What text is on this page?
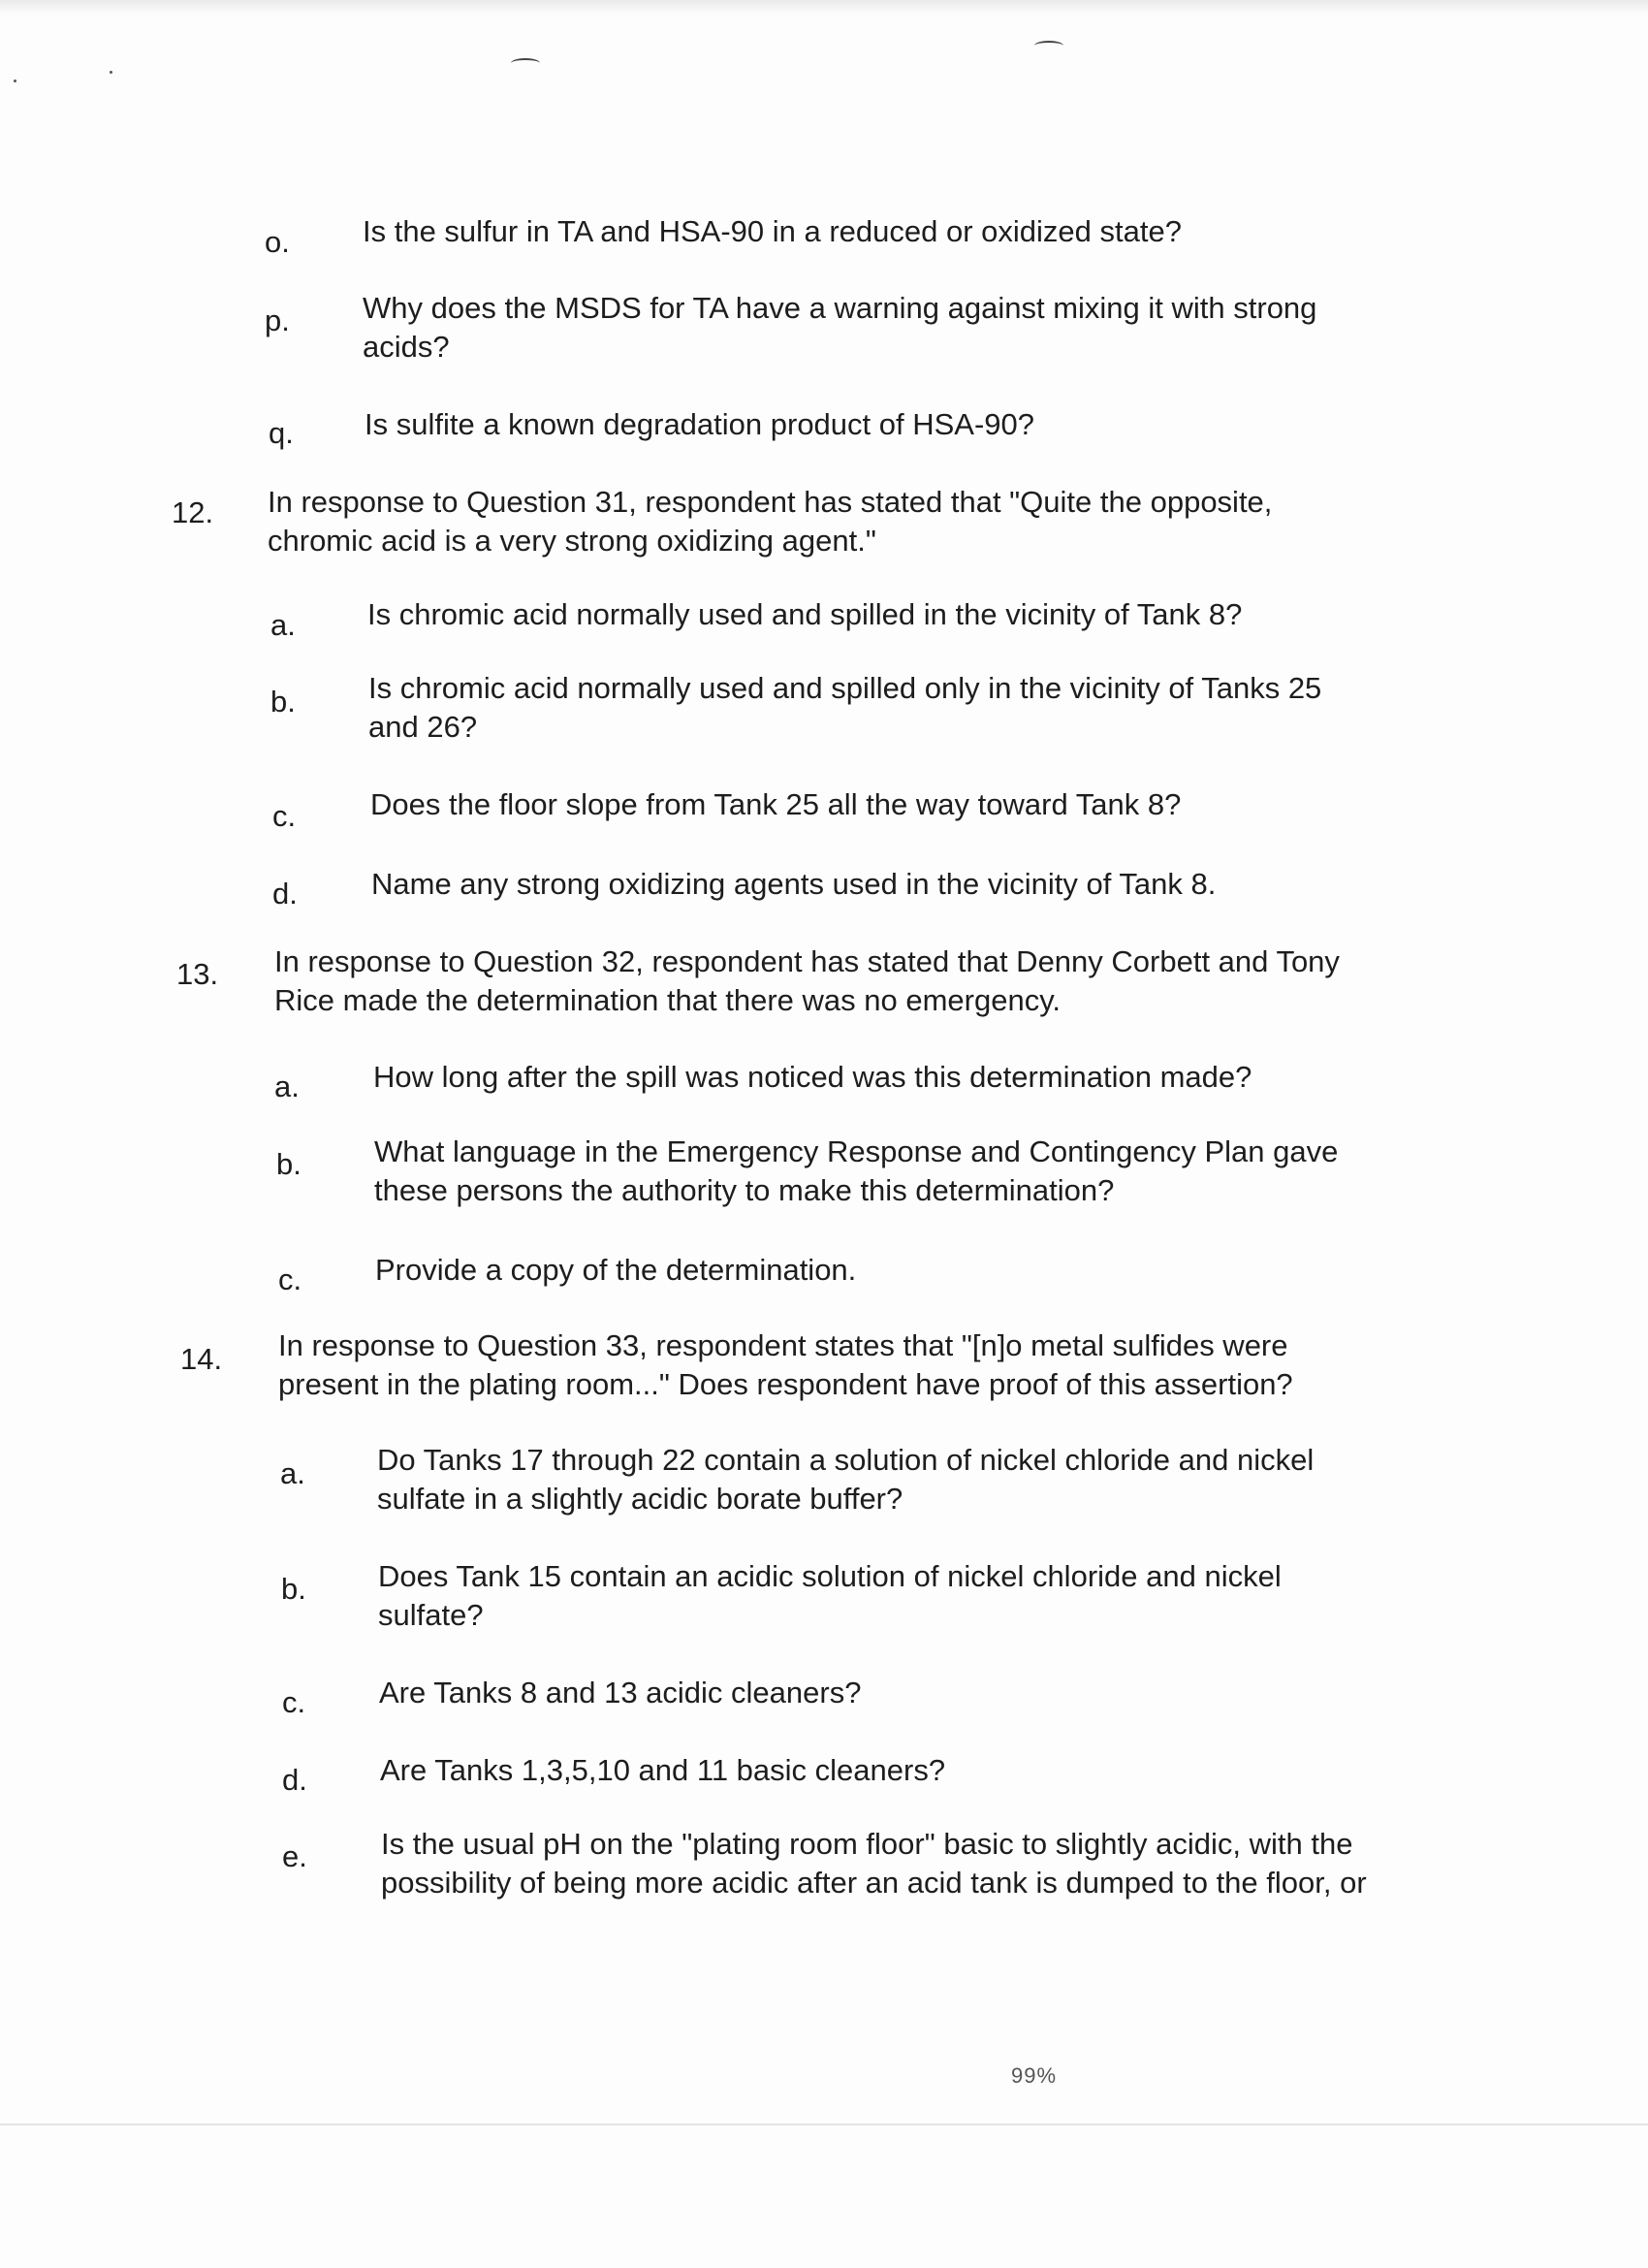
o. Is the sulfur in TA and HSA-90 in a reduced or oxidized state?
p. Why does the MSDS for TA have a warning against mixing it with strong
acids?
q. Is sulfite a known degradation product of HSA-90?
12. In response to Question 31, respondent has stated that "Quite the opposite,
chromic acid is a very strong oxidizing agent."
a. Is chromic acid normally used and spilled in the vicinity of Tank 8?
b. Is chromic acid normally used and spilled only in the vicinity of Tanks 25
and 26?
c. Does the floor slope from Tank 25 all the way toward Tank 8?
d. Name any strong oxidizing agents used in the vicinity of Tank 8.
13. In response to Question 32, respondent has stated that Denny Corbett and Tony
Rice made the determination that there was no emergency.
a. How long after the spill was noticed was this determination made?
b. What language in the Emergency Response and Contingency Plan gave
these persons the authority to make this determination?
c. Provide a copy of the determination.
14. In response to Question 33, respondent states that "[n]o metal sulfides were
present in the plating room..." Does respondent have proof of this assertion?
a. Do Tanks 17 through 22 contain a solution of nickel chloride and nickel
sulfate in a slightly acidic borate buffer?
b. Does Tank 15 contain an acidic solution of nickel chloride and nickel
sulfate?
c. Are Tanks 8 and 13 acidic cleaners?
d. Are Tanks 1,3,5,10 and 11 basic cleaners?
e. Is the usual pH on the "plating room floor" basic to slightly acidic, with the
possibility of being more acidic after an acid tank is dumped to the floor, or
99%
